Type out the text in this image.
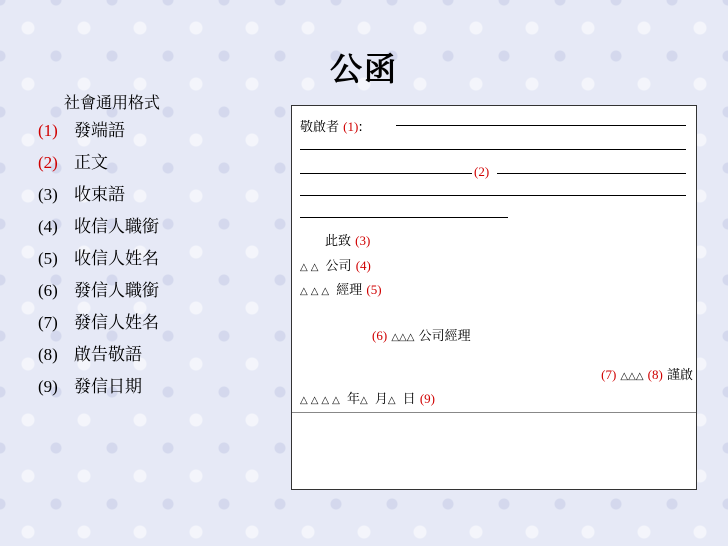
公函
社會通用格式
(1) 發端語
(2) 正文
(3) 收束語
(4) 收信人職銜
(5) 收信人姓名
(6) 發信人職銜
(7) 發信人姓名
(8) 啟告敬語
(9) 發信日期
敬啟者 (1):
(2)
此致 (3)
△△ 公司 (4)
△△△ 經理 (5)
(6) △△△ 公司經理
(7) △△△ (8) 謹啟
△△△△ 年△ 月△ 日 (9)
